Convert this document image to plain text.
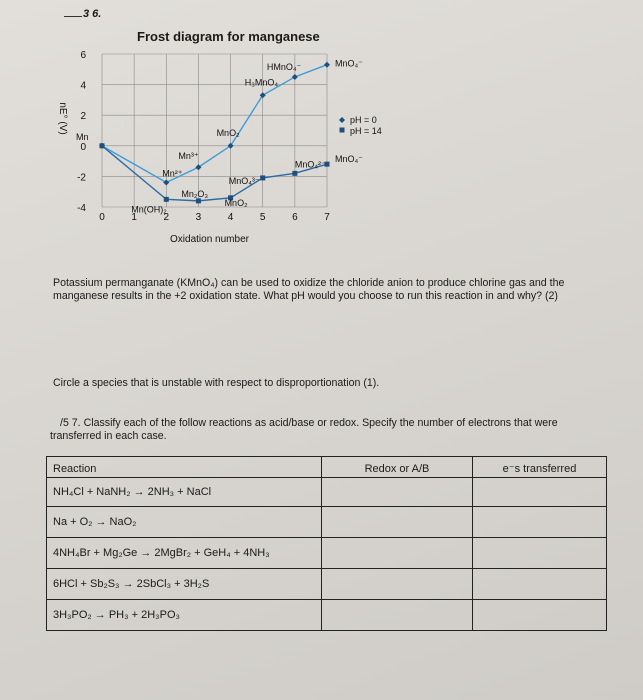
3 6.
Frost diagram for manganese
0	1	2	3	4	5	6	7
6
4
2
0
-2
-4
Oxidation number
nE° (V)
Mn
Mn²⁺
Mn³⁺
MnO₂
H₃MnO₄
HMnO₄⁻	MnO₄⁻
Mn(OH)₂
Mn₂O₃
MnO₂
MnO₄³⁻
MnO₄²⁻
MnO₄⁻
pH = 0
pH = 14
Potassium permanganate (KMnO₄) can be used to oxidize the chloride anion to produce chlorine gas and the manganese results in the +2 oxidation state. What pH would you choose to run this reaction in and why? (2)
Circle a species that is unstable with respect to disproportionation (1).
/5 7. Classify each of the follow reactions as acid/base or redox. Specify the number of electrons that were transferred in each case.
Reaction	Redox or A/B	e⁻s transferred
NH₄Cl + NaNH₂ → 2NH₃ + NaCl		
Na + O₂ → NaO₂		
4NH₄Br + Mg₂Ge → 2MgBr₂ + GeH₄ + 4NH₃		
6HCl + Sb₂S₃ → 2SbCl₃ + 3H₂S		
3H₃PO₂ → PH₃ + 2H₃PO₃		
